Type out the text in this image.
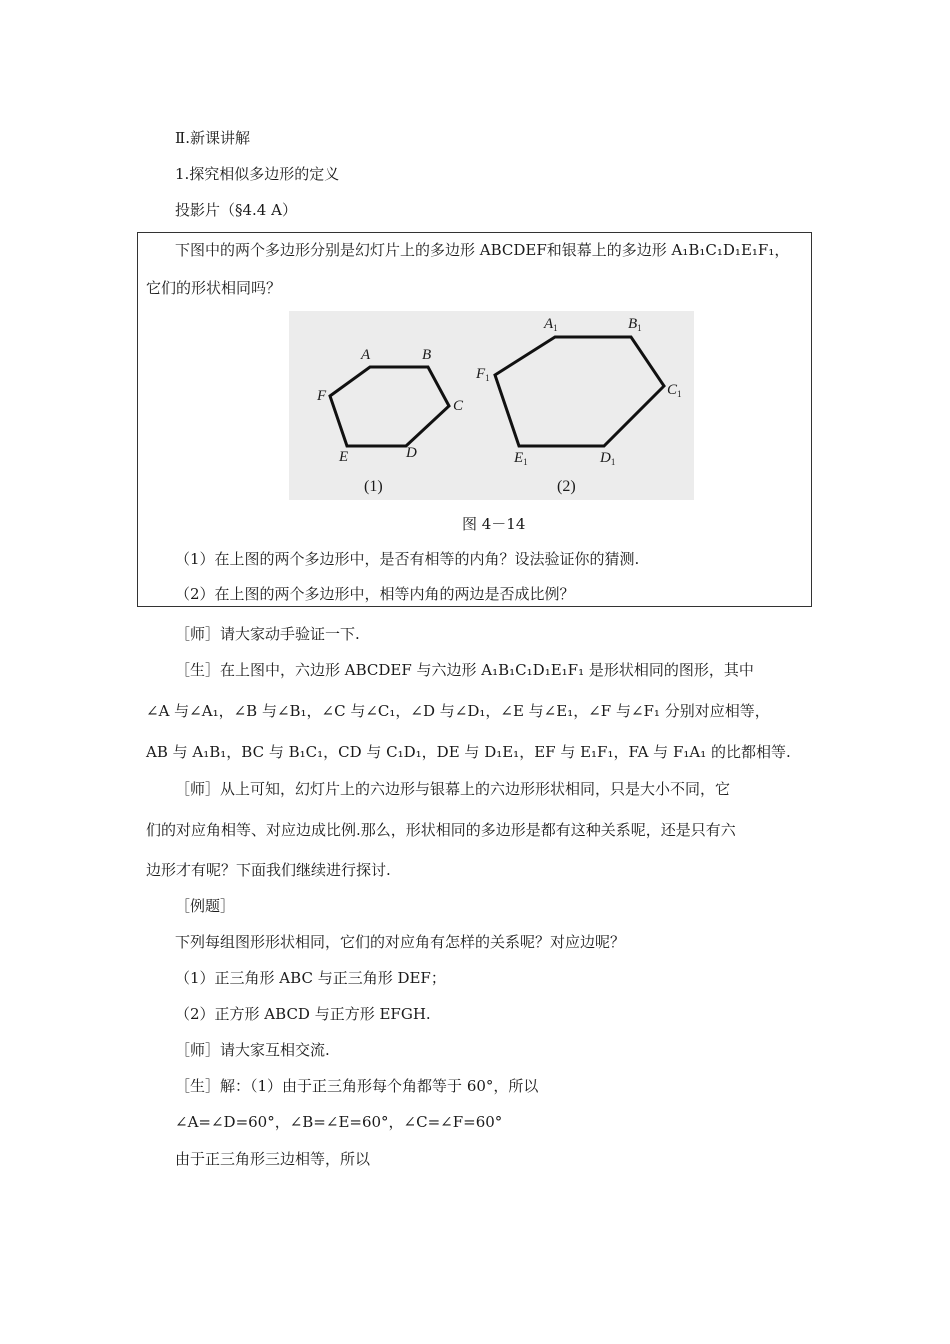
Ⅱ.新课讲解
1.探究相似多边形的定义
投影片（§4.4 A）
下图中的两个多边形分别是幻灯片上的多边形 ABCDEF和银幕上的多边形 A₁B₁C₁D₁E₁F₁，
它们的形状相同吗？
A	B
C
D
E
F
$A_1$	$B_1$
$C_1$
$D_1$
$E_1$
$F_1$
(1)	(2)
图 4－14
（1）在上图的两个多边形中，是否有相等的内角？设法验证你的猜测.
（2）在上图的两个多边形中，相等内角的两边是否成比例？
［师］请大家动手验证一下.
［生］在上图中，六边形 ABCDEF 与六边形 A₁B₁C₁D₁E₁F₁ 是形状相同的图形，其中
∠A 与∠A₁，∠B 与∠B₁，∠C 与∠C₁，∠D 与∠D₁，∠E 与∠E₁，∠F 与∠F₁ 分别对应相等，
AB 与 A₁B₁，BC 与 B₁C₁，CD 与 C₁D₁，DE 与 D₁E₁，EF 与 E₁F₁，FA 与 F₁A₁ 的比都相等.
［师］从上可知，幻灯片上的六边形与银幕上的六边形形状相同，只是大小不同，它
们的对应角相等、对应边成比例.那么，形状相同的多边形是都有这种关系呢，还是只有六
边形才有呢？下面我们继续进行探讨.
［例题］
下列每组图形形状相同，它们的对应角有怎样的关系呢？对应边呢？
（1）正三角形 ABC 与正三角形 DEF；
（2）正方形 ABCD 与正方形 EFGH.
［师］请大家互相交流.
［生］解：（1）由于正三角形每个角都等于 60°，所以
∠A=∠D=60°，∠B=∠E=60°，∠C=∠F=60°
由于正三角形三边相等，所以
